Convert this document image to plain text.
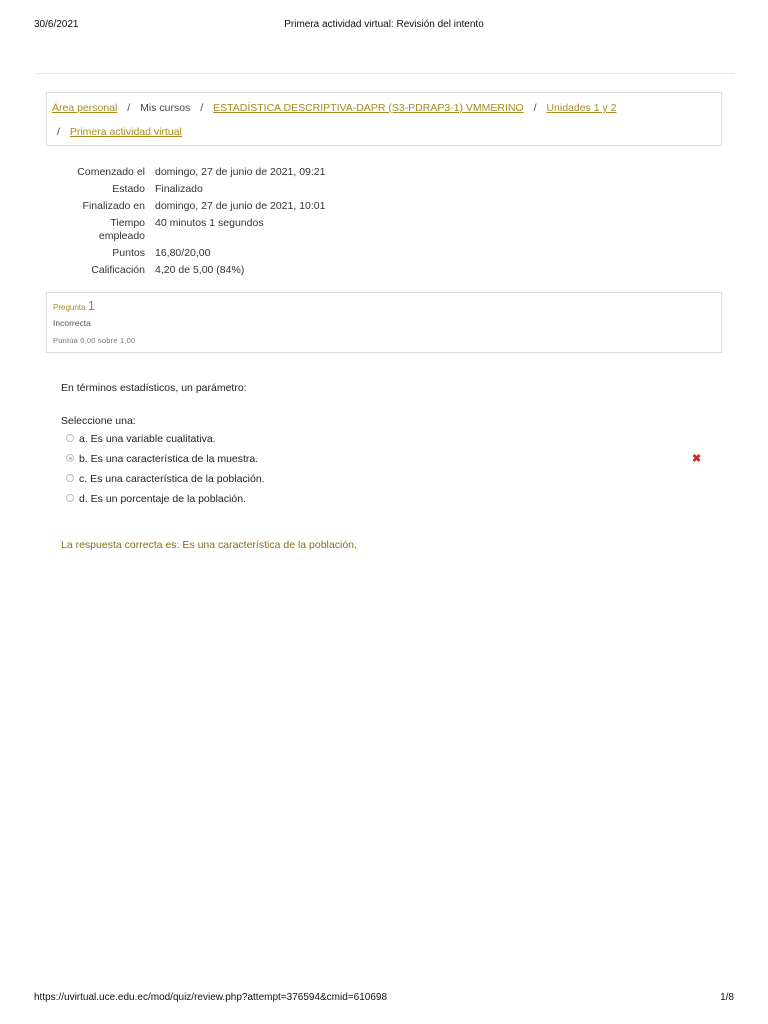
30/6/2021	Primera actividad virtual: Revisión del intento
Área personal / Mis cursos / ESTADÍSTICA DESCRIPTIVA-DAPR (S3-PDRAP3-1) VMMERINO / Unidades 1 y 2
/ Primera actividad virtual
Comenzado el	domingo, 27 de junio de 2021, 09:21
Estado	Finalizado
Finalizado en	domingo, 27 de junio de 2021, 10:01
Tiempo empleado	40 minutos 1 segundos
Puntos	16,80/20,00
Calificación	4,20 de 5,00 (84%)
Pregunta 1
Incorrecta
Puntúa 0,00 sobre 1,00
En términos estadísticos, un parámetro:
Seleccione una:
a. Es una variable cualitativa.
b. Es una característica de la muestra.	✖
c. Es una característica de la población.
d. Es un porcentaje de la población.
La respuesta correcta es: Es una característica de la población.
https://uvirtual.uce.edu.ec/mod/quiz/review.php?attempt=376594&cmid=610698	1/8
